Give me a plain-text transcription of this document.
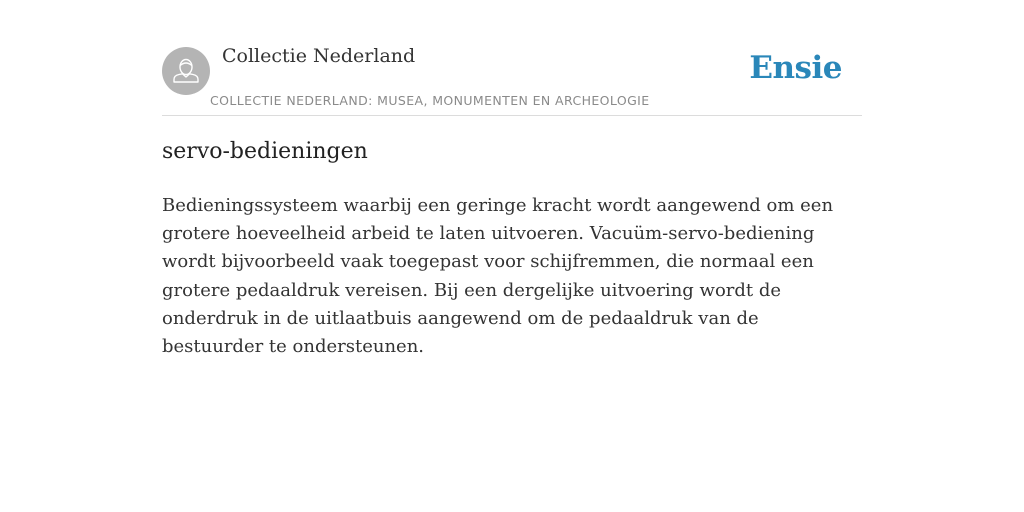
Collectie Nederland
COLLECTIE NEDERLAND: MUSEA, MONUMENTEN EN ARCHEOLOGIE
Ensie
servo-bedieningen

Bedieningssysteem waarbij een geringe kracht wordt aangewend om een grotere hoeveelheid arbeid te laten uitvoeren. Vacuüm-servo-bediening wordt bijvoorbeeld vaak toegepast voor schijfremmen, die normaal een grotere pedaaldruk vereisen. Bij een dergelijke uitvoering wordt de onderdruk in de uitlaatbuis aangewend om de pedaaldruk van de bestuurder te ondersteunen.
